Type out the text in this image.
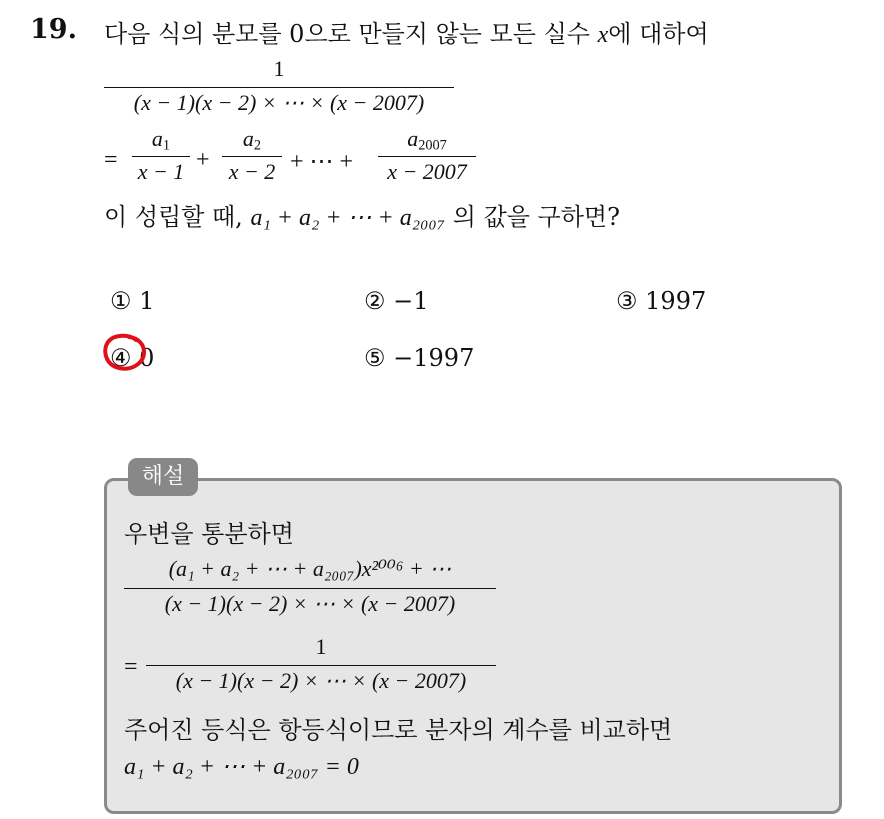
19. 다음 식의 분모를 0으로 만들지 않는 모든 실수 x에 대하여
1
(x − 1)(x − 2) × ⋯ × (x − 2007)
=
$a_1$
x − 1 +
$a_2$
x − 2 + ⋯ +
$a_{2007}$
x − 2007
이 성립할 때, a₁ + a₂ + ⋯ + a₂₀₀₇ 의 값을 구하면?
① 1	② −1	③ 1997
④ 0	⑤ −1997
해설
우변을 통분하면
(a₁ + a₂ + ⋯ + a₂₀₀₇)x²⁰⁰⁶ + ⋯
(x − 1)(x − 2) × ⋯ × (x − 2007)
=
1
(x − 1)(x − 2) × ⋯ × (x − 2007)
주어진 등식은 항등식이므로 분자의 계수를 비교하면
a₁ + a₂ + ⋯ + a₂₀₀₇ = 0
